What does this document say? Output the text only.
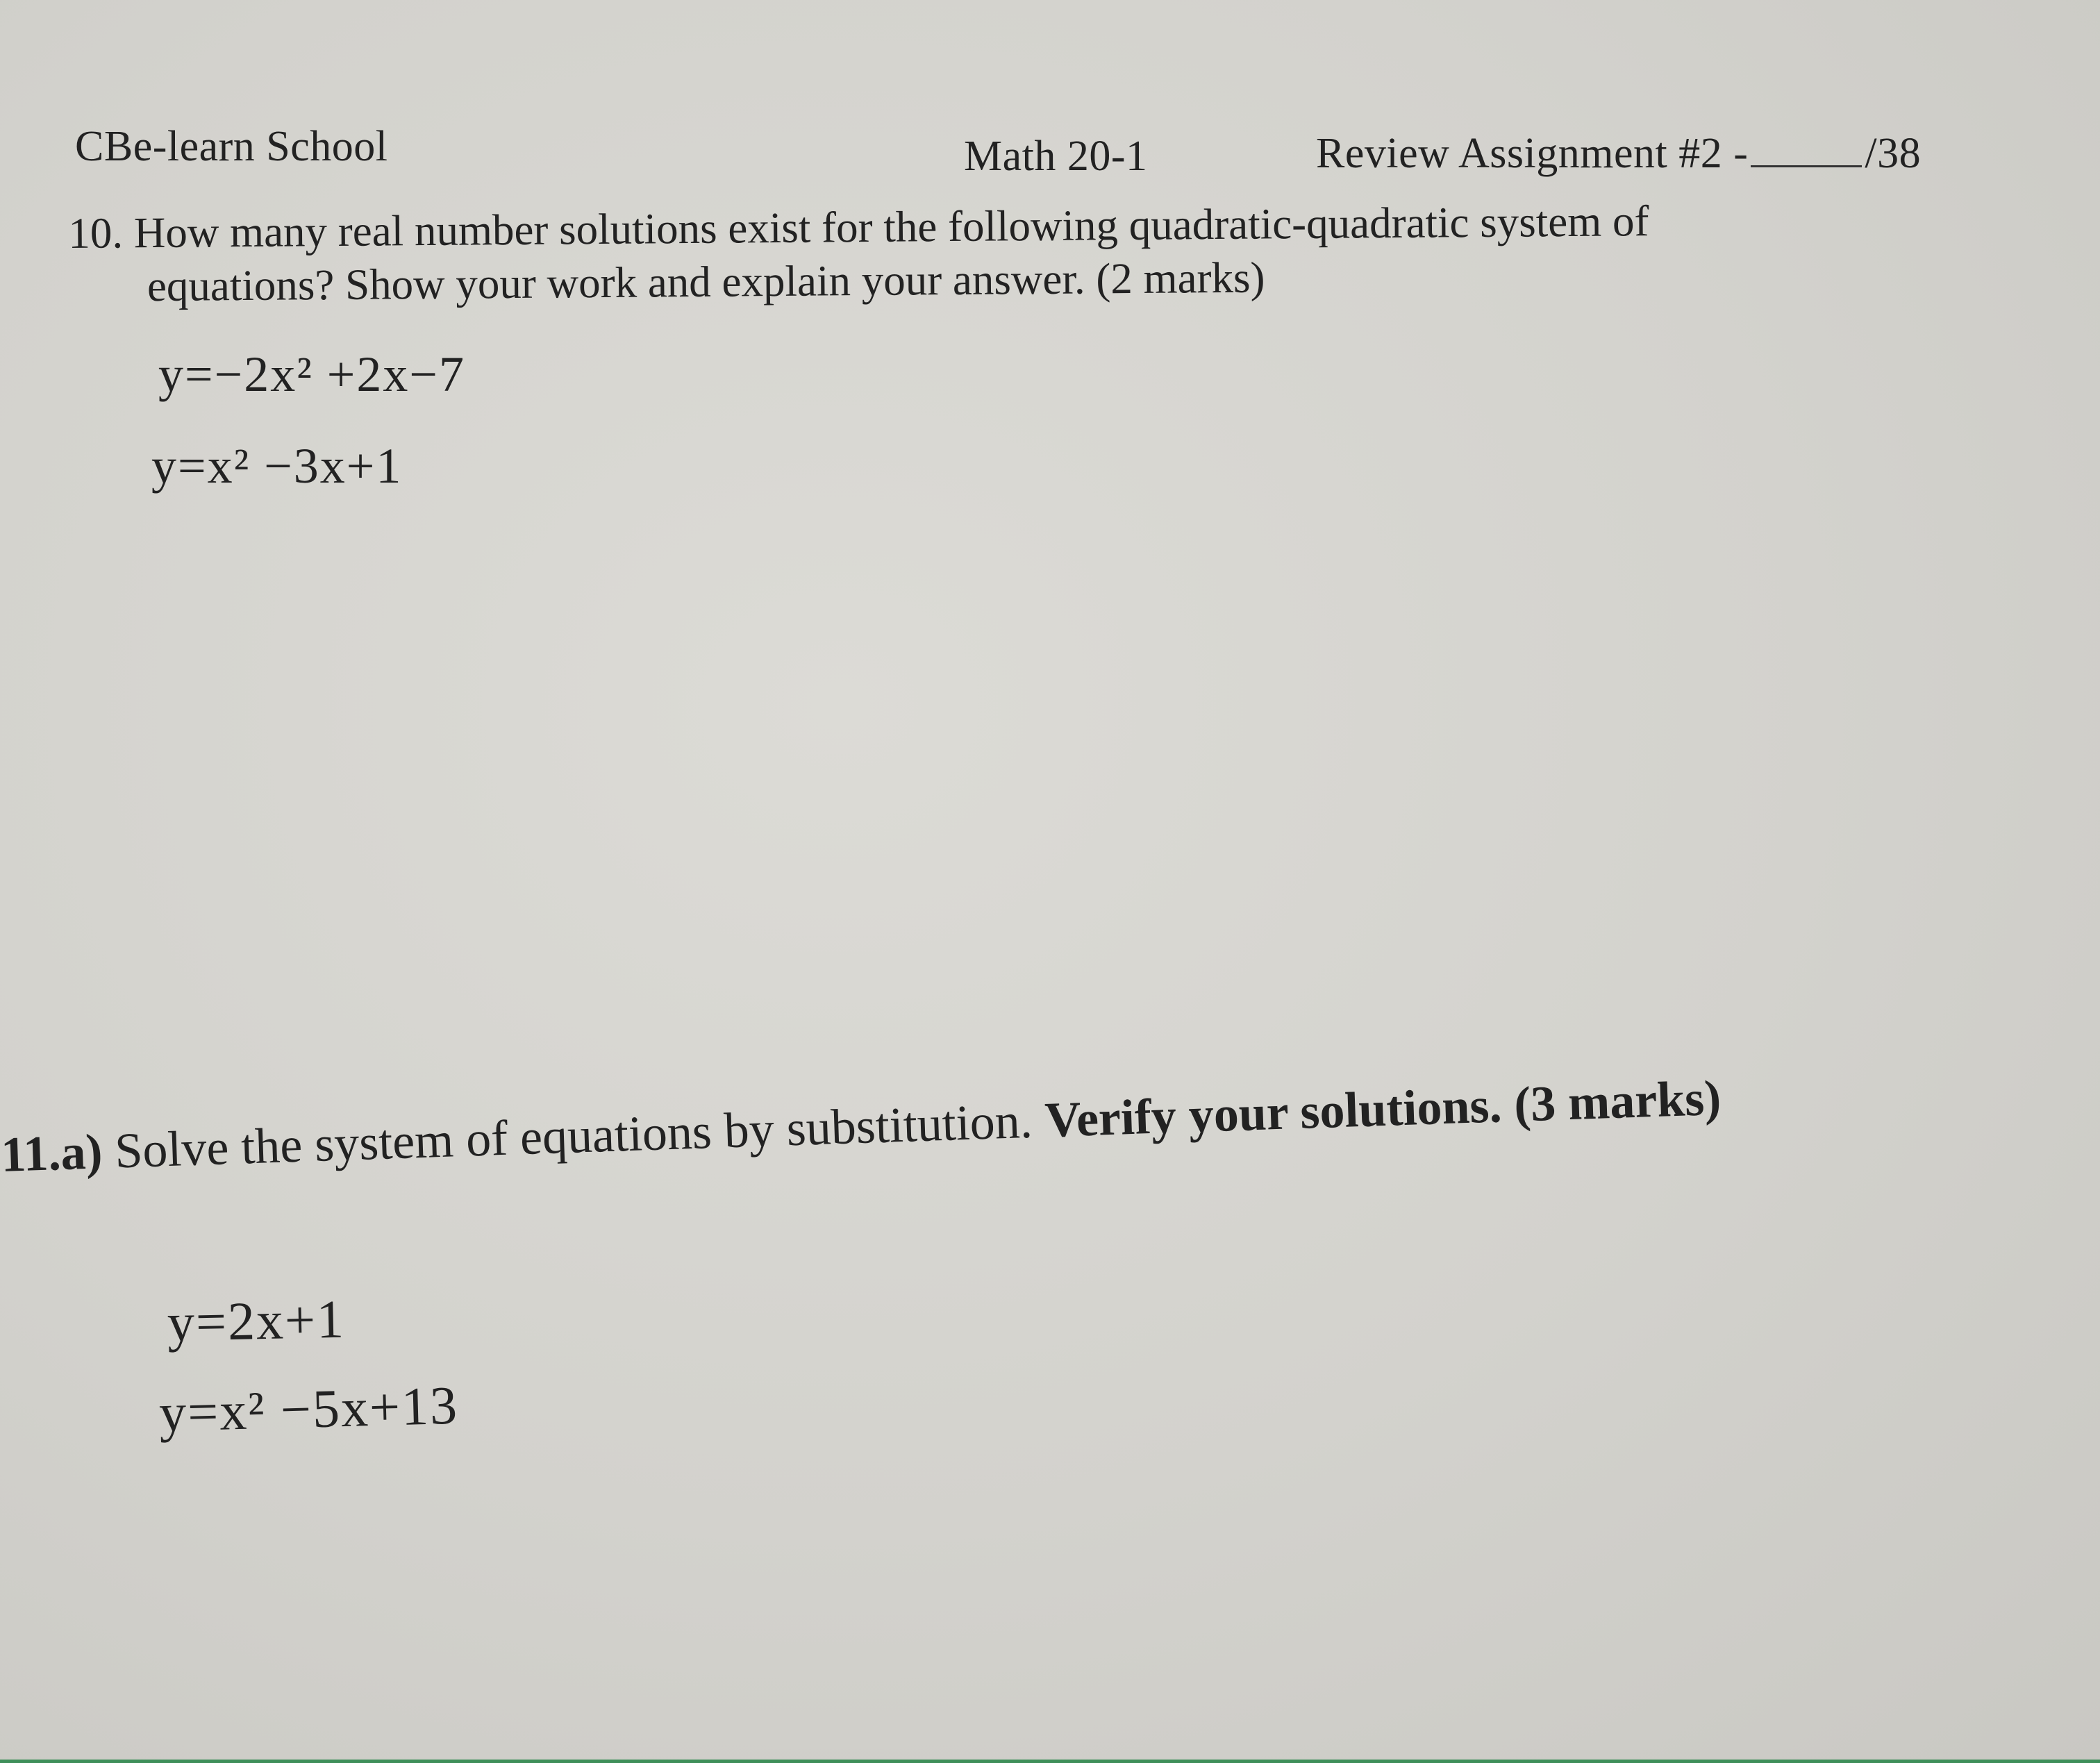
CBe-learn School	Math 20-1	Review Assignment #2 -	/38
10. How many real number solutions exist for the following quadratic-quadratic system of
equations? Show your work and explain your answer. (2 marks)
y=−2x² +2x−7
y=x² −3x+1
11.a) Solve the system of equations by substitution. Verify your solutions. (3 marks)
y=2x+1
y=x² −5x+13
